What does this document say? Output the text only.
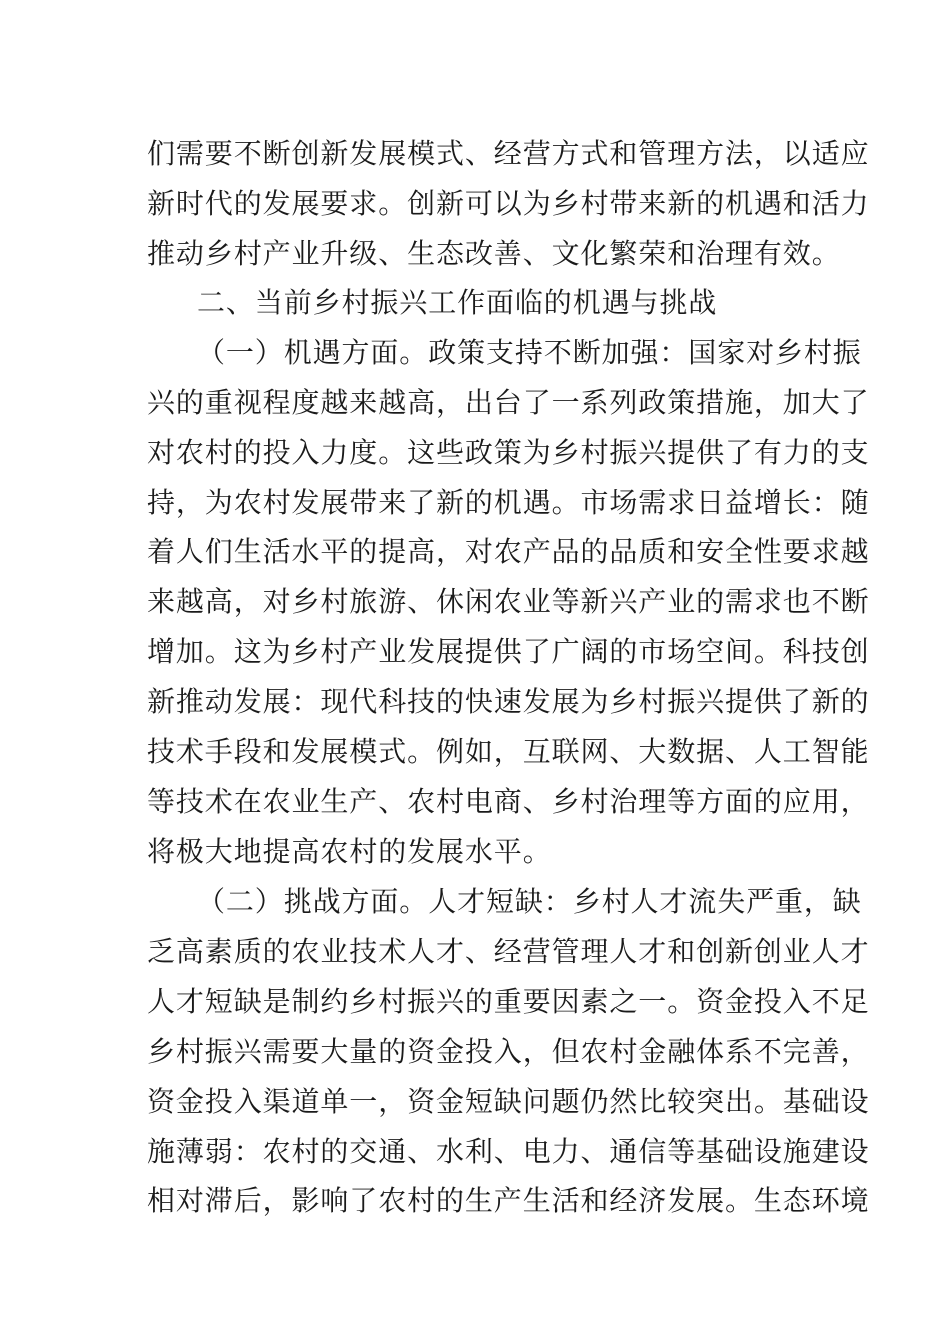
们需要不断创新发展模式、经营方式和管理方法，以适应
新时代的发展要求。创新可以为乡村带来新的机遇和活力
推动乡村产业升级、生态改善、文化繁荣和治理有效。
二、当前乡村振兴工作面临的机遇与挑战
（一）机遇方面。政策支持不断加强：国家对乡村振
兴的重视程度越来越高，出台了一系列政策措施，加大了
对农村的投入力度。这些政策为乡村振兴提供了有力的支
持，为农村发展带来了新的机遇。市场需求日益增长：随
着人们生活水平的提高，对农产品的品质和安全性要求越
来越高，对乡村旅游、休闲农业等新兴产业的需求也不断
增加。这为乡村产业发展提供了广阔的市场空间。科技创
新推动发展：现代科技的快速发展为乡村振兴提供了新的
技术手段和发展模式。例如，互联网、大数据、人工智能
等技术在农业生产、农村电商、乡村治理等方面的应用，
将极大地提高农村的发展水平。
（二）挑战方面。人才短缺：乡村人才流失严重，缺
乏高素质的农业技术人才、经营管理人才和创新创业人才
人才短缺是制约乡村振兴的重要因素之一。资金投入不足
乡村振兴需要大量的资金投入，但农村金融体系不完善，
资金投入渠道单一，资金短缺问题仍然比较突出。基础设
施薄弱：农村的交通、水利、电力、通信等基础设施建设
相对滞后，影响了农村的生产生活和经济发展。生态环境
